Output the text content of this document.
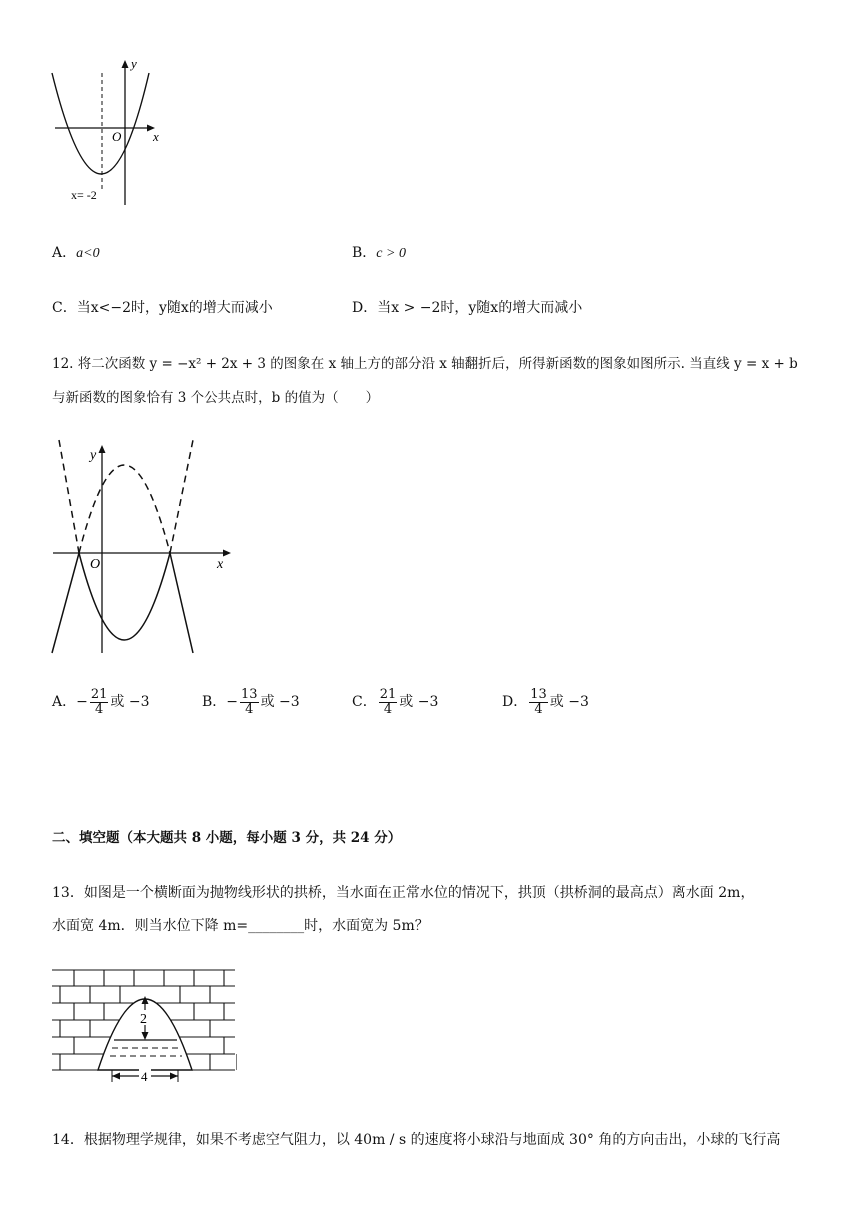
y
x
O
x= -2
A．a<0	B．c > 0
C．当x<−2时，y随x的增大而减小	D．当x > −2时，y随x的增大而减小
12. 将二次函数 y = −x² + 2x + 3 的图象在 x 轴上方的部分沿 x 轴翻折后，所得新函数的图象如图所示. 当直线 y = x + b
与新函数的图象恰有 3 个公共点时，b 的值为（　　）
y
x
O
A．− $\frac{21}{4}$ 或 −3	B．− $\frac{13}{4}$ 或 −3	C． $\frac{21}{4}$ 或 −3	D． $\frac{13}{4}$ 或 −3
二、填空题（本大题共 8 小题，每小题 3 分，共 24 分）
13．如图是一个横断面为抛物线形状的拱桥，当水面在正常水位的情况下，拱顶（拱桥洞的最高点）离水面 2m，
水面宽 4m．则当水位下降 m=________时，水面宽为 5m？
2
4
14．根据物理学规律，如果不考虑空气阻力，以 40m / s 的速度将小球沿与地面成 30° 角的方向击出，小球的飞行高
